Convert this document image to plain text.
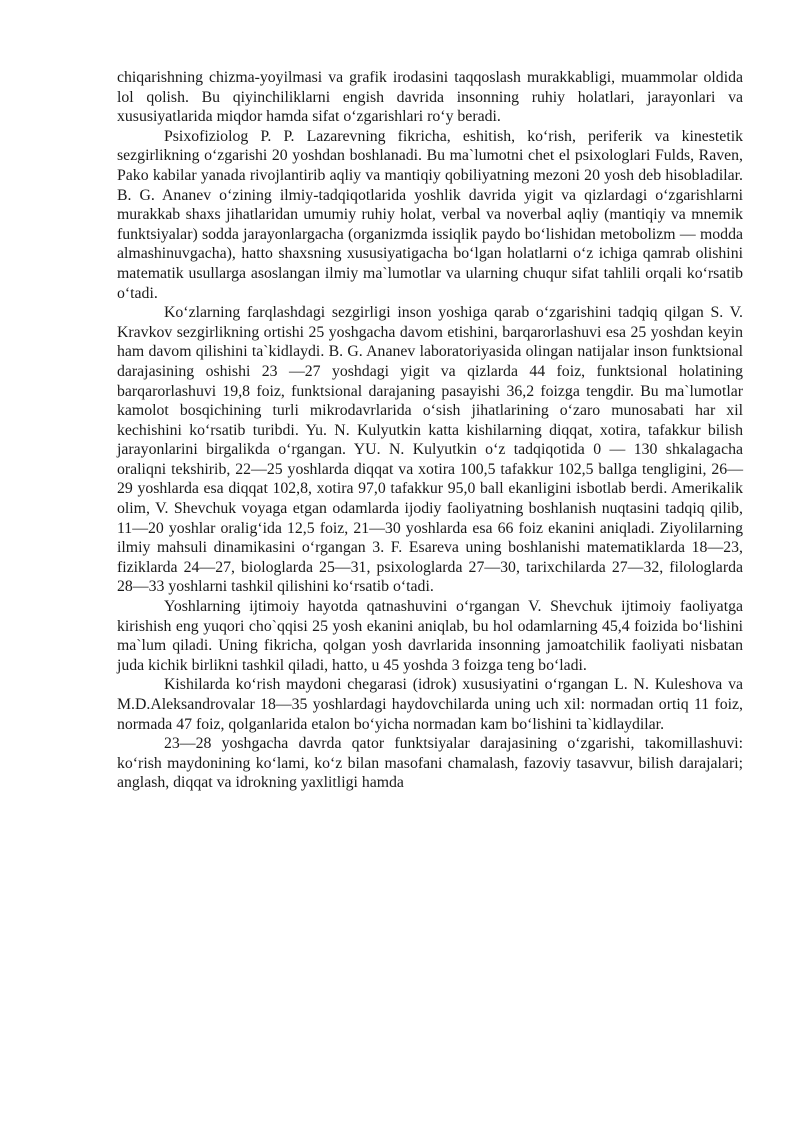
chiqarishning chizma-yoyilmasi va grafik irodasini taqqoslash murakkabligi, muammolar oldida lol qolish. Bu qiyinchiliklarni engish davrida insonning ruhiy holatlari, jarayonlari va xususiyatlarida miqdor hamda sifat o‘zgarishlari ro‘y beradi.

Psixofiziolog P. P. Lazarevning fikricha, eshitish, ko‘rish, periferik va kinestetik sezgirlikning o‘zgarishi 20 yoshdan boshlanadi. Bu ma`lumotni chet el psixologlari Fulds, Raven, Pako kabilar yanada rivojlantirib aqliy va mantiqiy qobiliyatning mezoni 20 yosh deb hisobladilar. B. G. Ananev o‘zining ilmiy-tadqiqotlarida yoshlik davrida yigit va qizlardagi o‘zgarishlarni murakkab shaxs jihatlaridan umumiy ruhiy holat, verbal va noverbal aqliy (mantiqiy va mnemik funktsiyalar) sodda jarayonlargacha (organizmda issiqlik paydo bo‘lishidan metobolizm — modda almashinuvgacha), hatto shaxsning xususiyatigacha bo‘lgan holatlarni o‘z ichiga qamrab olishini matematik usullarga asoslangan ilmiy ma`lumotlar va ularning chuqur sifat tahlili orqali ko‘rsatib o‘tadi.

Ko‘zlarning farqlashdagi sezgirligi inson yoshiga qarab o‘zgarishini tadqiq qilgan S. V. Kravkov sezgirlikning ortishi 25 yoshgacha davom etishini, barqarorlashuvi esa 25 yoshdan keyin ham davom qilishini ta`kidlaydi. B. G. Ananev laboratoriyasida olingan natijalar inson funktsional darajasining oshishi 23 —27 yoshdagi yigit va qizlarda 44 foiz, funktsional holatining barqarorlashuvi 19,8 foiz, funktsional darajaning pasayishi 36,2 foizga tengdir. Bu ma`lumotlar kamolot bosqichining turli mikrodavrlarida o‘sish jihatlarining o‘zaro munosabati har xil kechishini ko‘rsatib turibdi. Yu. N. Kulyutkin katta kishilarning diqqat, xotira, tafakkur bilish jarayonlarini birgalikda o‘rgangan. YU. N. Kulyutkin o‘z tadqiqotida 0 — 130 shkalagacha oraliqni tekshirib, 22—25 yoshlarda diqqat va xotira 100,5 tafakkur 102,5 ballga tengligini, 26—29 yoshlarda esa diqqat 102,8, xotira 97,0 tafakkur 95,0 ball ekanligini isbotlab berdi. Amerikalik olim, V. Shevchuk voyaga etgan odamlarda ijodiy faoliyatning boshlanish nuqtasini tadqiq qilib, 11—20 yoshlar oralig‘ida 12,5 foiz, 21—30 yoshlarda esa 66 foiz ekanini aniqladi. Ziyolilarning ilmiy mahsuli dinamikasini o‘rgangan 3. F. Esareva uning boshlanishi matematiklarda 18—23, fiziklarda 24—27, biologlarda 25—31, psixologlarda 27—30, tarixchilarda 27—32, filologlarda 28—33 yoshlarni tashkil qilishini ko‘rsatib o‘tadi.

Yoshlarning ijtimoiy hayotda qatnashuvini o‘rgangan V. Shevchuk ijtimoiy faoliyatga kirishish eng yuqori cho`qqisi 25 yosh ekanini aniqlab, bu hol odamlarning 45,4 foizida bo‘lishini ma`lum qiladi. Uning fikricha, qolgan yosh davrlarida insonning jamoatchilik faoliyati nisbatan juda kichik birlikni tashkil qiladi, hatto, u 45 yoshda 3 foizga teng bo‘ladi.

Kishilarda ko‘rish maydoni chegarasi (idrok) xususiyatini o‘rgangan L. N. Kuleshova va M.D.Aleksandrovalar 18—35 yoshlardagi haydovchilarda uning uch xil: normadan ortiq 11 foiz, normada 47 foiz, qolganlarida etalon bo‘yicha normadan kam bo‘lishini ta`kidlaydilar.

23—28 yoshgacha davrda qator funktsiyalar darajasining o‘zgarishi, takomillashuvi: ko‘rish maydonining ko‘lami, ko‘z bilan masofani chamalash, fazoviy tasavvur, bilish darajalari; anglash, diqqat va idrokning yaxlitligi hamda
